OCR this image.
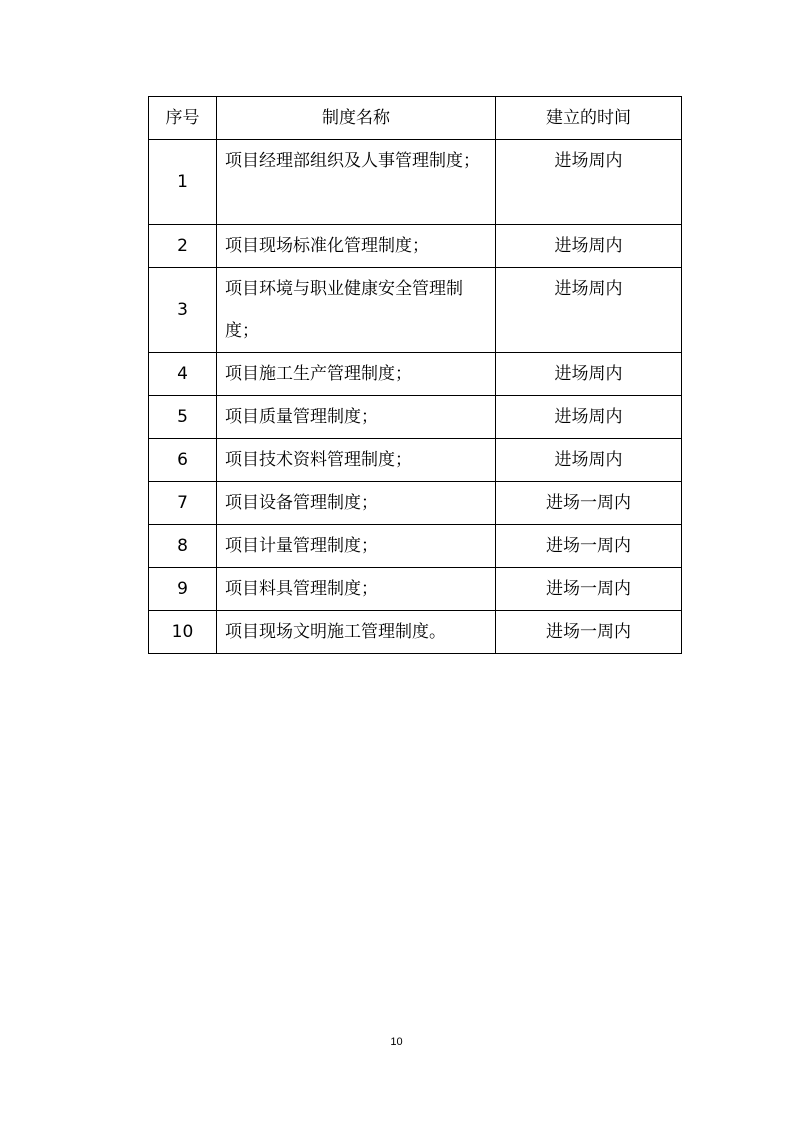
序号	制度名称	建立的时间
1	项目经理部组织及人事管理制度；	进场周内
2	项目现场标准化管理制度；	进场周内
3	项目环境与职业健康安全管理制度；	进场周内
4	项目施工生产管理制度；	进场周内
5	项目质量管理制度；	进场周内
6	项目技术资料管理制度；	进场周内
7	项目设备管理制度；	进场一周内
8	项目计量管理制度；	进场一周内
9	项目料具管理制度；	进场一周内
10	项目现场文明施工管理制度。	进场一周内
10
